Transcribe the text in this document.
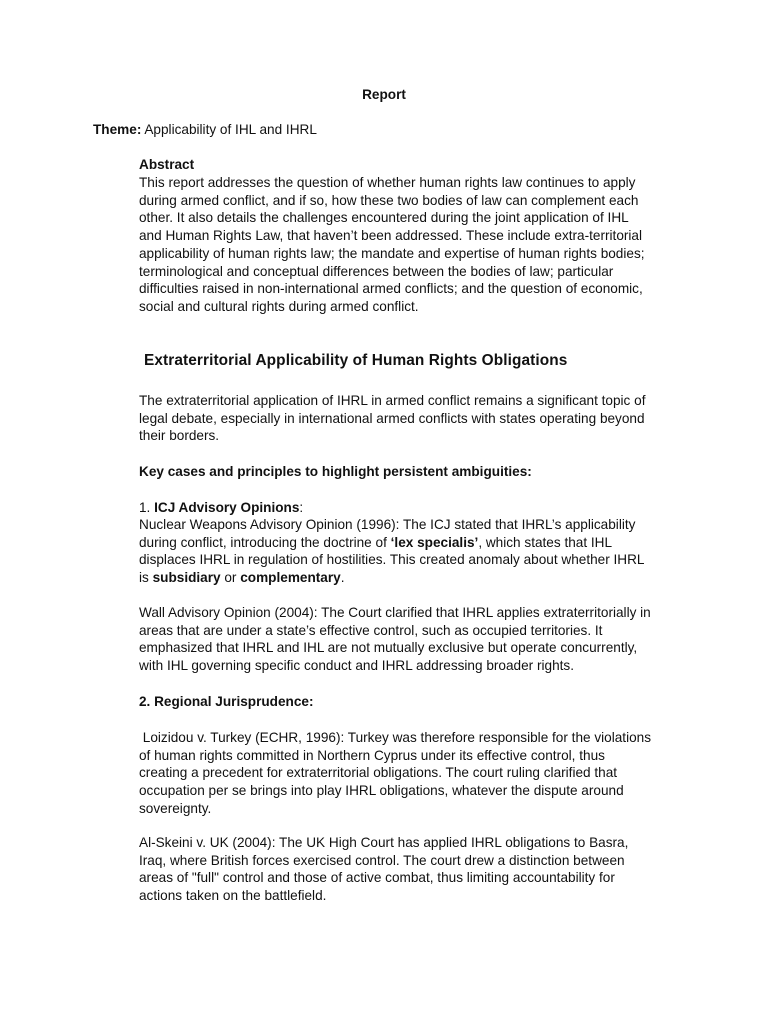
Report
Theme: Applicability of IHL and IHRL
Abstract
This report addresses the question of whether human rights law continues to apply
during armed conflict, and if so, how these two bodies of law can complement each
other. It also details the challenges encountered during the joint application of IHL
and Human Rights Law, that haven’t been addressed. These include extra-territorial
applicability of human rights law; the mandate and expertise of human rights bodies;
terminological and conceptual differences between the bodies of law; particular
difficulties raised in non-international armed conflicts; and the question of economic,
social and cultural rights during armed conflict.
Extraterritorial Applicability of Human Rights Obligations
The extraterritorial application of IHRL in armed conflict remains a significant topic of
legal debate, especially in international armed conflicts with states operating beyond
their borders.
Key cases and principles to highlight persistent ambiguities:
1. ICJ Advisory Opinions:
Nuclear Weapons Advisory Opinion (1996): The ICJ stated that IHRL’s applicability
during conflict, introducing the doctrine of ‘lex specialis’, which states that IHL
displaces IHRL in regulation of hostilities. This created anomaly about whether IHRL
is subsidiary or complementary.
Wall Advisory Opinion (2004): The Court clarified that IHRL applies extraterritorially in
areas that are under a state’s effective control, such as occupied territories. It
emphasized that IHRL and IHL are not mutually exclusive but operate concurrently,
with IHL governing specific conduct and IHRL addressing broader rights.
2. Regional Jurisprudence:
Loizidou v. Turkey (ECHR, 1996): Turkey was therefore responsible for the violations
of human rights committed in Northern Cyprus under its effective control, thus
creating a precedent for extraterritorial obligations. The court ruling clarified that
occupation per se brings into play IHRL obligations, whatever the dispute around
sovereignty.
Al-Skeini v. UK (2004): The UK High Court has applied IHRL obligations to Basra,
Iraq, where British forces exercised control. The court drew a distinction between
areas of "full" control and those of active combat, thus limiting accountability for
actions taken on the battlefield.
